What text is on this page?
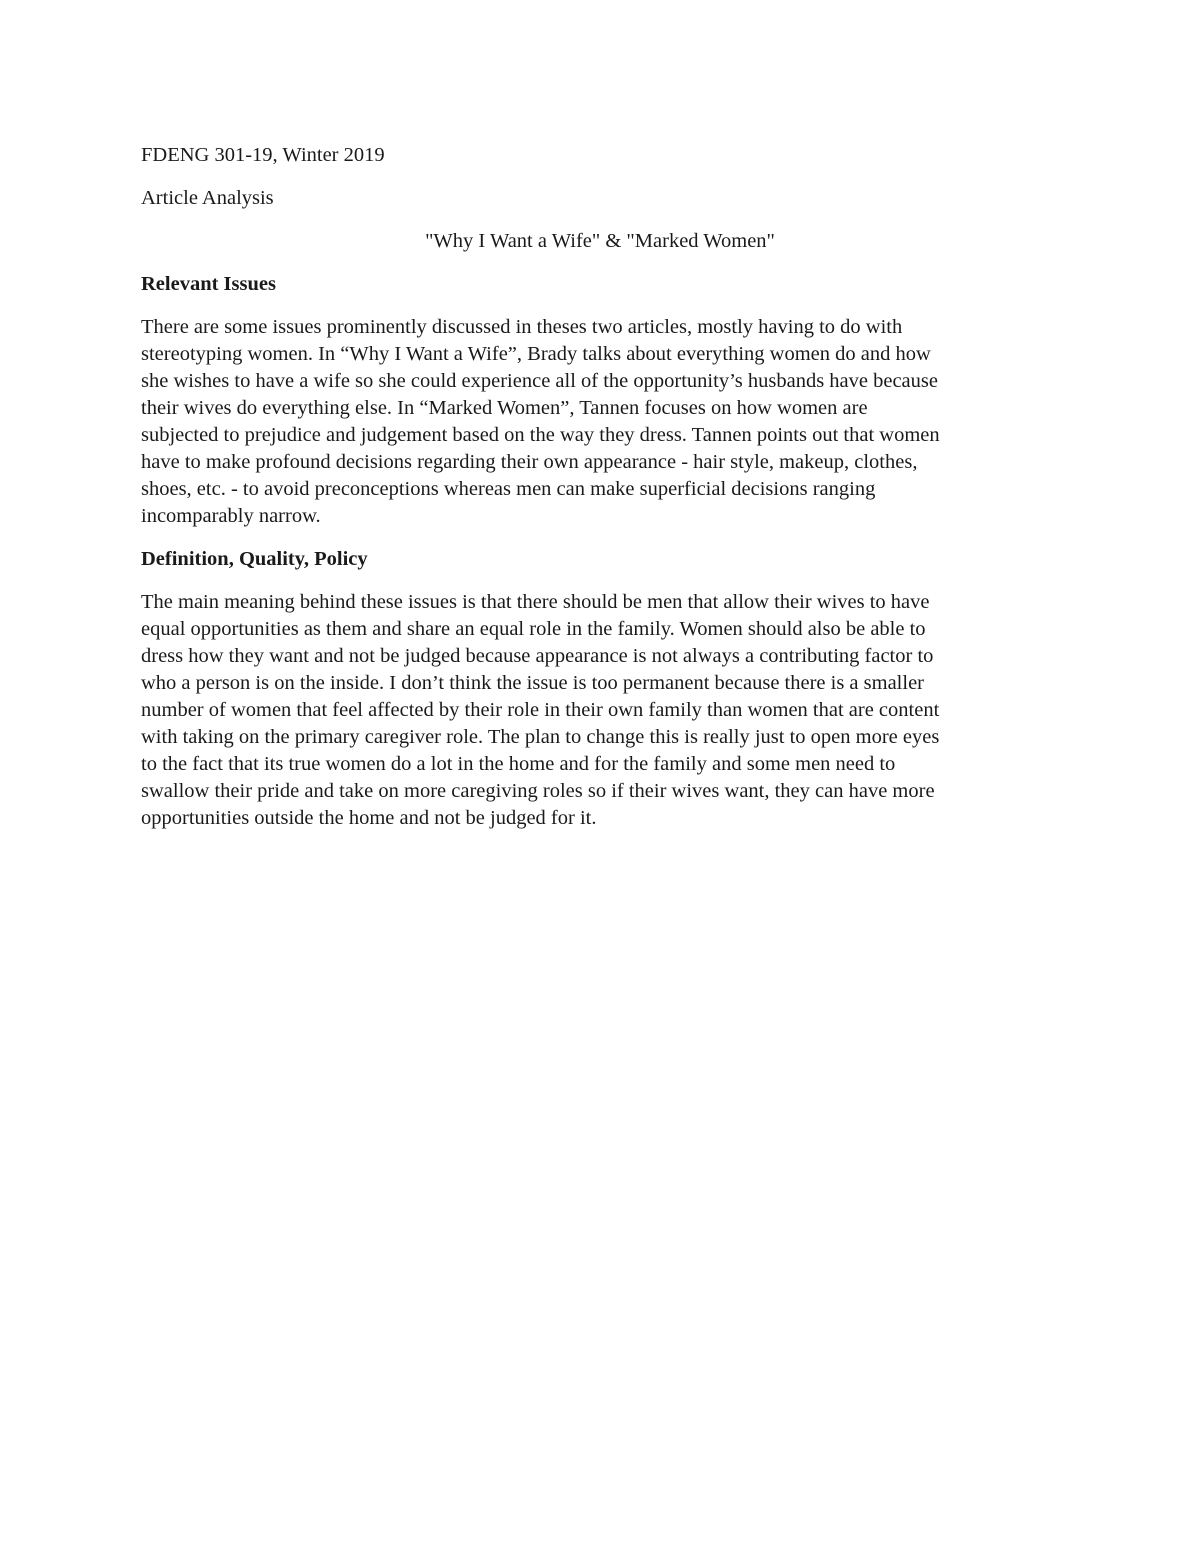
FDENG 301-19, Winter 2019

Article Analysis

"Why I Want a Wife" & "Marked Women"

Relevant Issues

There are some issues prominently discussed in theses two articles, mostly having to do with
stereotyping women. In “Why I Want a Wife”, Brady talks about everything women do and how
she wishes to have a wife so she could experience all of the opportunity’s husbands have because
their wives do everything else. In “Marked Women”, Tannen focuses on how women are
subjected to prejudice and judgement based on the way they dress. Tannen points out that women
have to make profound decisions regarding their own appearance - hair style, makeup, clothes,
shoes, etc. - to avoid preconceptions whereas men can make superficial decisions ranging
incomparably narrow.

Definition, Quality, Policy

The main meaning behind these issues is that there should be men that allow their wives to have
equal opportunities as them and share an equal role in the family. Women should also be able to
dress how they want and not be judged because appearance is not always a contributing factor to
who a person is on the inside. I don’t think the issue is too permanent because there is a smaller
number of women that feel affected by their role in their own family than women that are content
with taking on the primary caregiver role. The plan to change this is really just to open more eyes
to the fact that its true women do a lot in the home and for the family and some men need to
swallow their pride and take on more caregiving roles so if their wives want, they can have more
opportunities outside the home and not be judged for it.
